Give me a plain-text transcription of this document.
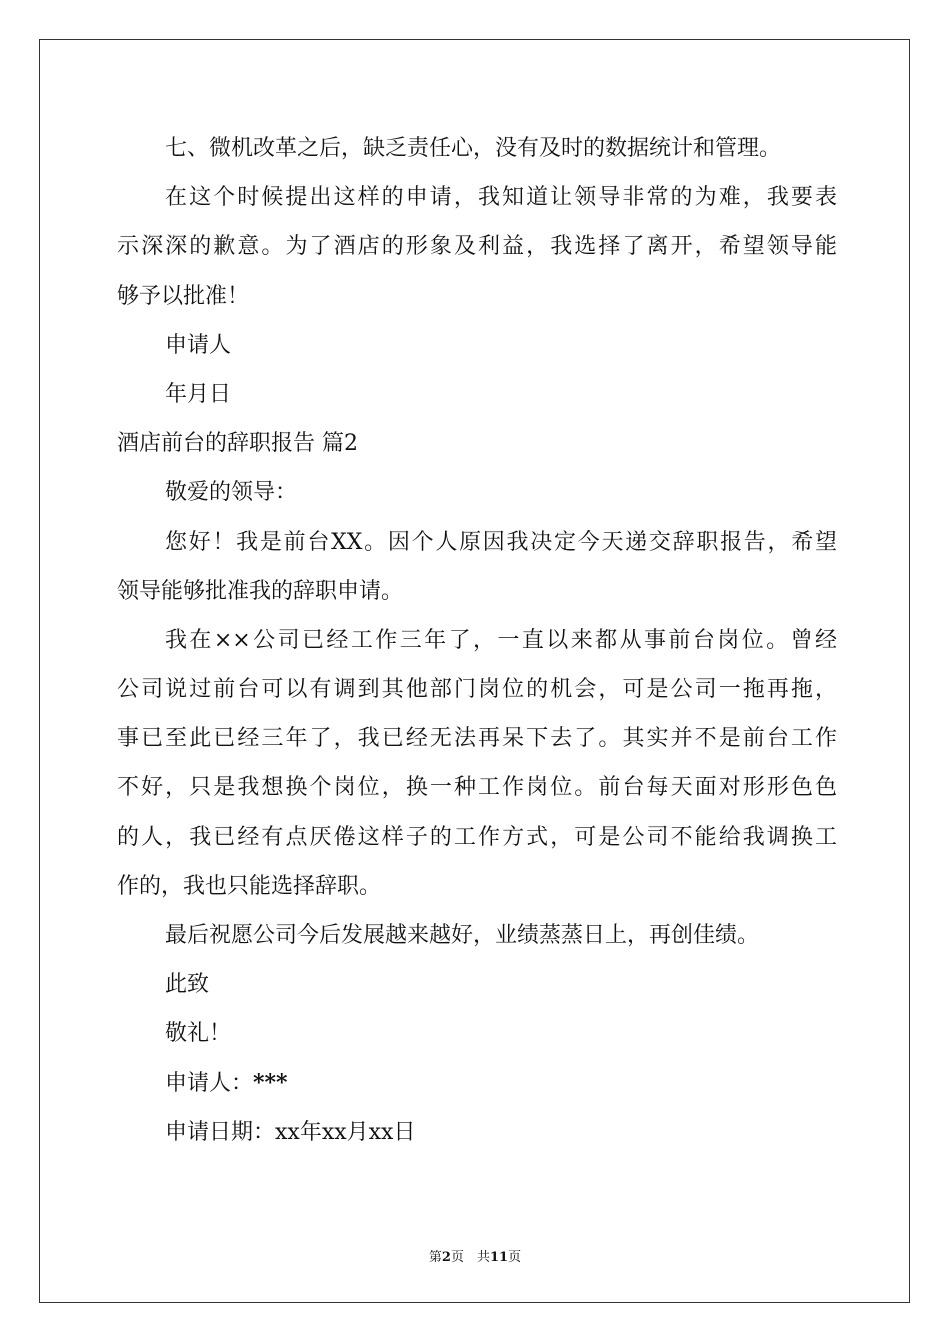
七、微机改革之后，缺乏责任心，没有及时的数据统计和管理。
在这个时候提出这样的申请，我知道让领导非常的为难，我要表
示深深的歉意。为了酒店的形象及利益，我选择了离开，希望领导能
够予以批准！
申请人
年月日
酒店前台的辞职报告 篇2
敬爱的领导：
您好！我是前台XX。因个人原因我决定今天递交辞职报告，希望
领导能够批准我的辞职申请。
我在××公司已经工作三年了，一直以来都从事前台岗位。曾经
公司说过前台可以有调到其他部门岗位的机会，可是公司一拖再拖，
事已至此已经三年了，我已经无法再呆下去了。其实并不是前台工作
不好，只是我想换个岗位，换一种工作岗位。前台每天面对形形色色
的人，我已经有点厌倦这样子的工作方式，可是公司不能给我调换工
作的，我也只能选择辞职。
最后祝愿公司今后发展越来越好，业绩蒸蒸日上，再创佳绩。
此致
敬礼！
申请人：***
申请日期：xx年xx月xx日
第2页　共11页
